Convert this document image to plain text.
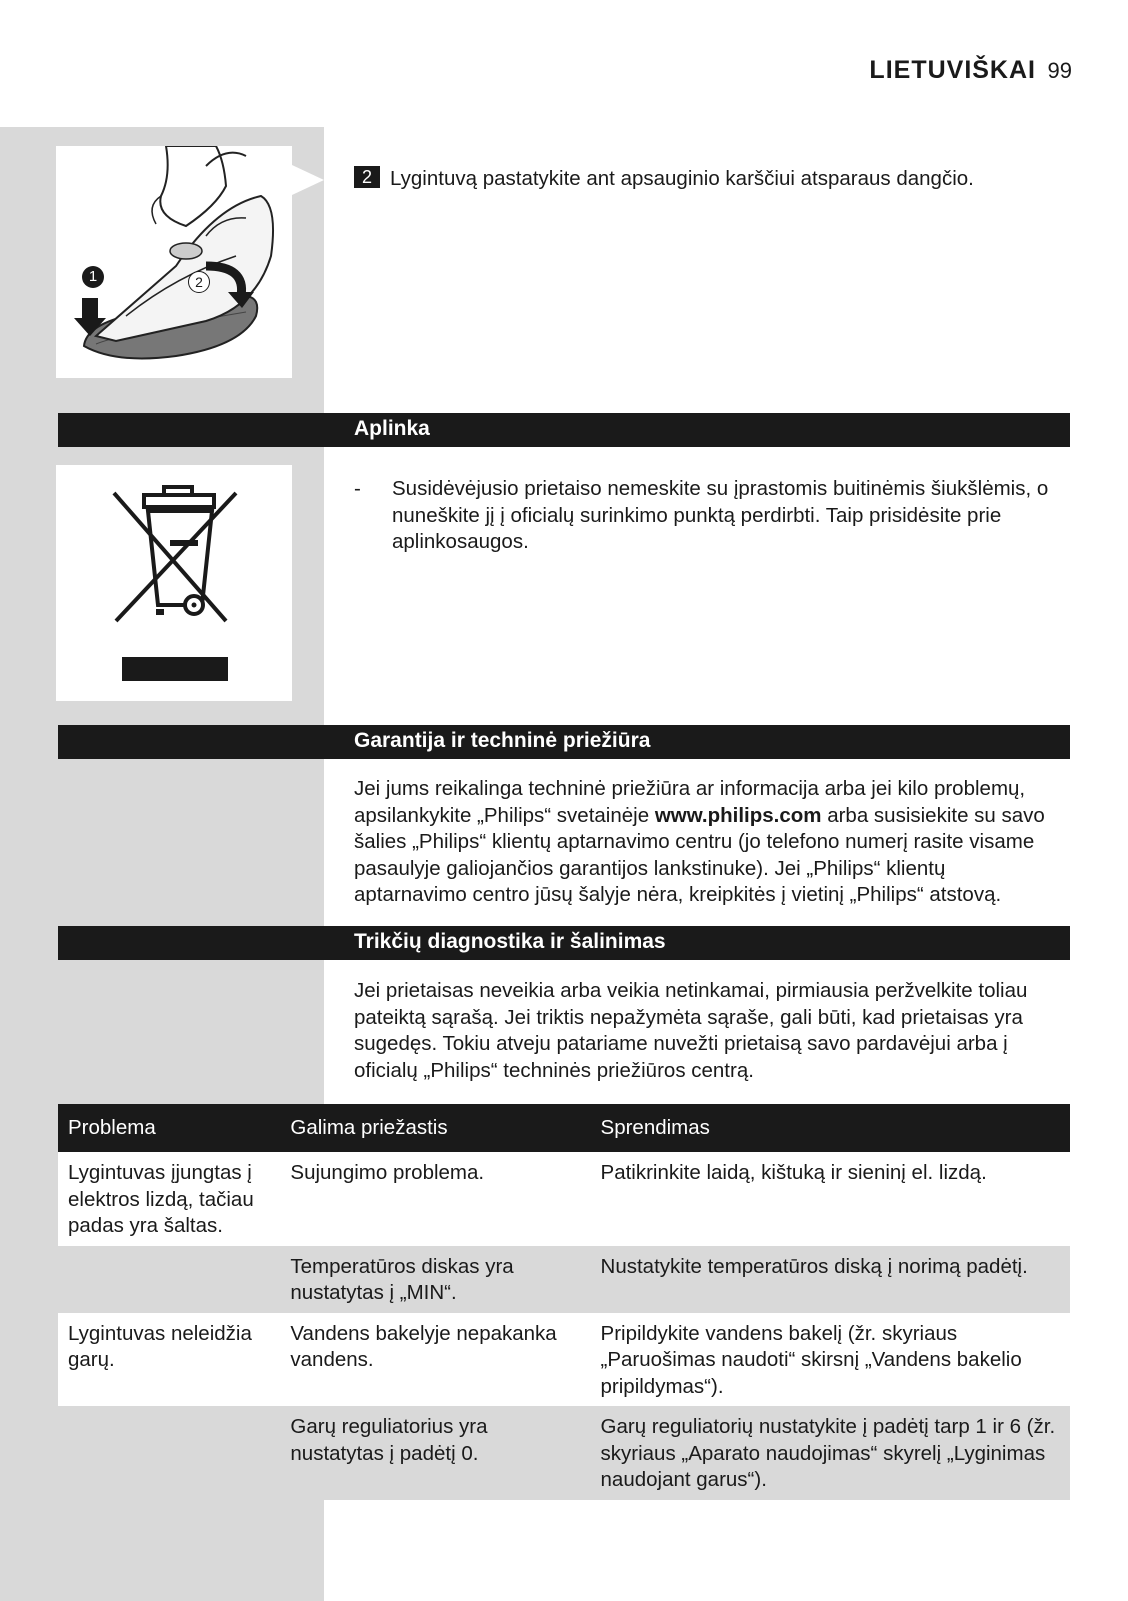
LIETUVIŠKAI 99
1	2
2 Lygintuvą pastatykite ant apsauginio karščiui atsparaus dangčio.
Aplinka
- Susidėvėjusio prietaiso nemeskite su įprastomis buitinėmis šiukšlėmis, o nuneškite jį į oficialų surinkimo punktą perdirbti. Taip prisidėsite prie aplinkosaugos.
Garantija ir techninė priežiūra
Jei jums reikalinga techninė priežiūra ar informacija arba jei kilo problemų, apsilankykite „Philips“ svetainėje www.philips.com arba susisiekite su savo šalies „Philips“ klientų aptarnavimo centru (jo telefono numerį rasite visame pasaulyje galiojančios garantijos lankstinuke). Jei „Philips“ klientų aptarnavimo centro jūsų šalyje nėra, kreipkitės į vietinį „Philips“ atstovą.
Trikčių diagnostika ir šalinimas
Jei prietaisas neveikia arba veikia netinkamai, pirmiausia peržvelkite toliau pateiktą sąrašą. Jei triktis nepažymėta sąraše, gali būti, kad prietaisas yra sugedęs. Tokiu atveju patariame nuvežti prietaisą savo pardavėjui arba į oficialų „Philips“ techninės priežiūros centrą.
Problema	Galima priežastis	Sprendimas
Lygintuvas įjungtas į elektros lizdą, tačiau padas yra šaltas.	Sujungimo problema.	Patikrinkite laidą, kištuką ir sieninį el. lizdą.
	Temperatūros diskas yra nustatytas į „MIN“.	Nustatykite temperatūros diską į norimą padėtį.
Lygintuvas neleidžia garų.	Vandens bakelyje nepakanka vandens.	Pripildykite vandens bakelį (žr. skyriaus „Paruošimas naudoti“ skirsnį „Vandens bakelio pripildymas“).
	Garų reguliatorius yra nustatytas į padėtį 0.	Garų reguliatorių nustatykite į padėtį tarp 1 ir 6 (žr. skyriaus „Aparato naudojimas“ skyrelį „Lyginimas naudojant garus“).
